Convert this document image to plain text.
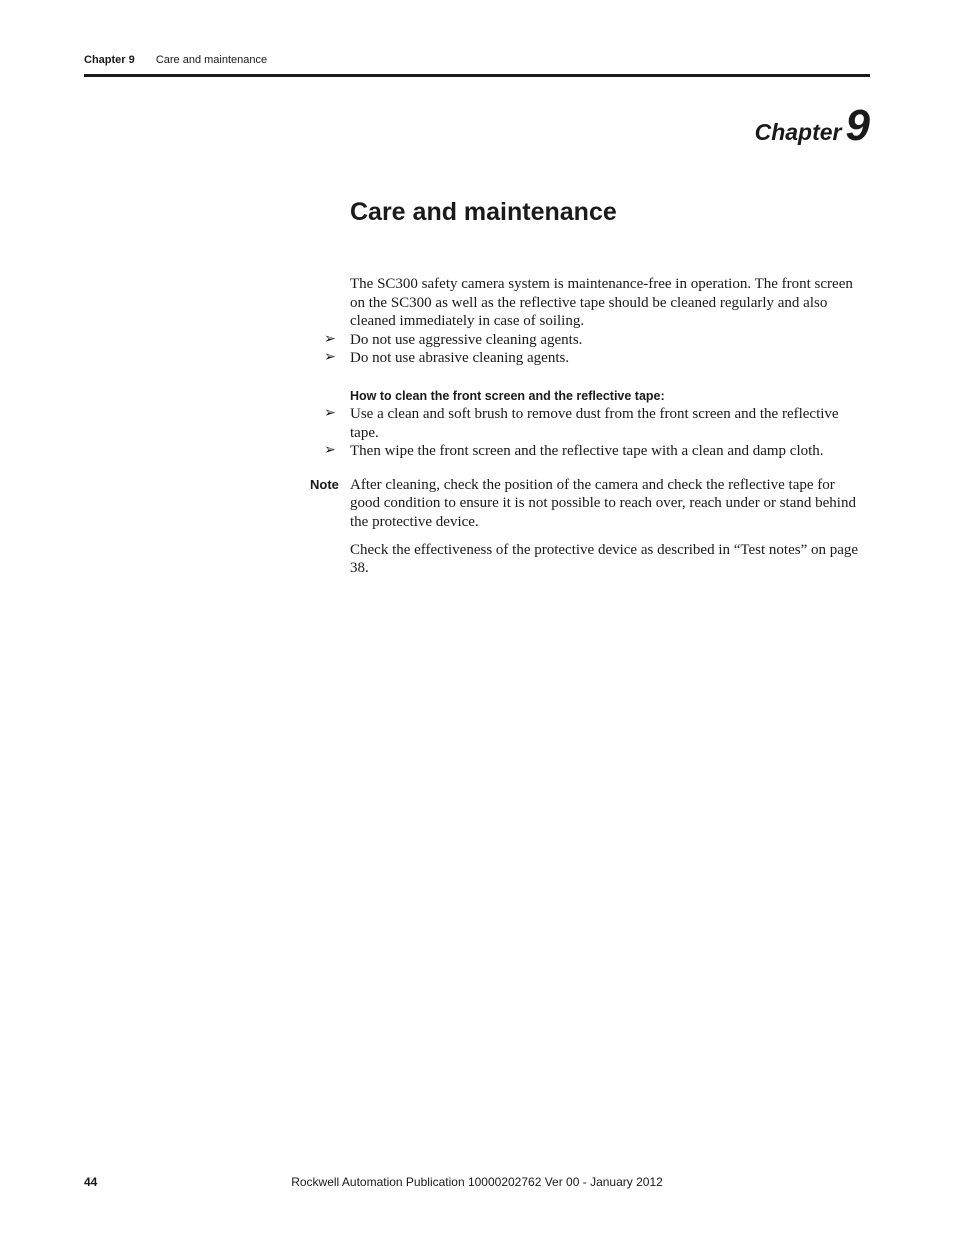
Chapter 9 Care and maintenance
Chapter 9
Care and maintenance

The SC300 safety camera system is maintenance-free in operation. The front screen on the SC300 as well as the reflective tape should be cleaned regularly and also cleaned immediately in case of soiling.

➢ Do not use aggressive cleaning agents.
➢ Do not use abrasive cleaning agents.
How to clean the front screen and the reflective tape:
➢ Use a clean and soft brush to remove dust from the front screen and the reflective tape.
➢ Then wipe the front screen and the reflective tape with a clean and damp cloth.
Note After cleaning, check the position of the camera and check the reflective tape for good condition to ensure it is not possible to reach over, reach under or stand behind the protective device.

Check the effectiveness of the protective device as described in “Test notes” on page 38.

44	Rockwell Automation Publication 10000202762 Ver 00 - January 2012
